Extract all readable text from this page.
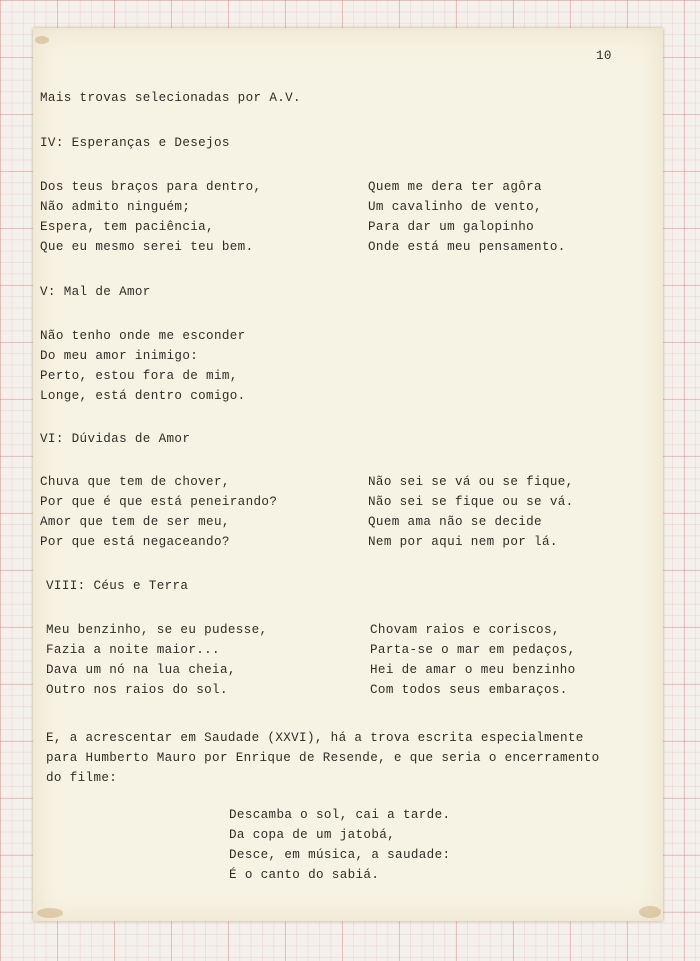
10

Mais trovas selecionadas por A.V.

IV: Esperanças e Desejos

Dos teus braços para dentro,

Não admito ninguém;

Espera, tem paciência,

Que eu mesmo serei teu bem.

Quem me dera ter agôra

Um cavalinho de vento,

Para dar um galopinho

Onde está meu pensamento.

V: Mal de Amor

Não tenho onde me esconder

Do meu amor inimigo:

Perto, estou fora de mim,

Longe, está dentro comigo.

VI: Dúvidas de Amor

Chuva que tem de chover,

Por que é que está peneirando?

Amor que tem de ser meu,

Por que está negaceando?

Não sei se vá ou se fique,

Não sei se fique ou se vá.

Quem ama não se decide

Nem por aqui nem por lá.

VIII: Céus e Terra

Meu benzinho, se eu pudesse,

Fazia a noite maior...

Dava um nó na lua cheia,

Outro nos raios do sol.

Chovam raios e coriscos,

Parta-se o mar em pedaços,

Hei de amar o meu benzinho

Com todos seus embaraços.

E, a acrescentar em Saudade (XXVI), há a trova escrita especialmente

para Humberto Mauro por Enrique de Resende, e que seria o encerramento

do filme:

Descamba o sol, cai a tarde.

Da copa de um jatobá,

Desce, em música, a saudade:

É o canto do sabiá.
